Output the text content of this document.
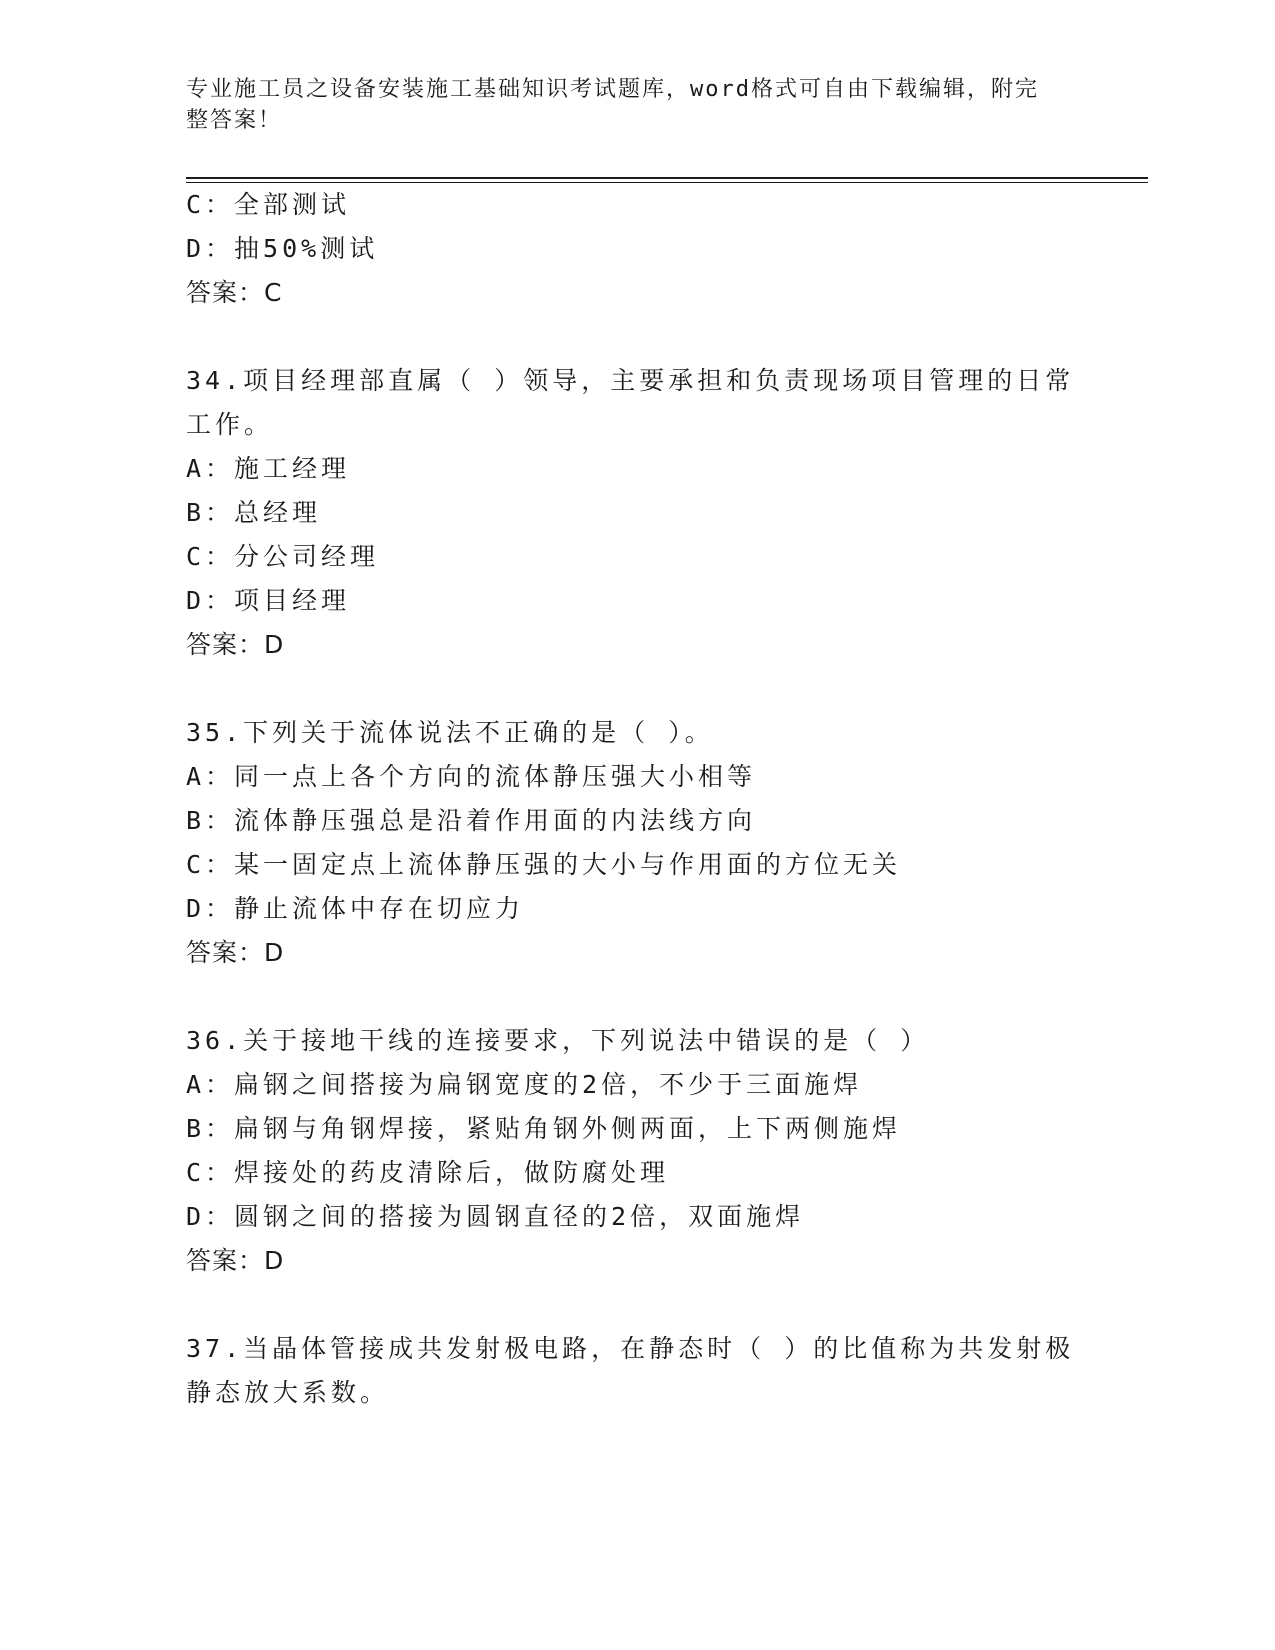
专业施工员之设备安装施工基础知识考试题库，word格式可自由下载编辑，附完
整答案！
C：全部测试
D：抽50%测试
答案：C
34.项目经理部直属（ ）领导，主要承担和负责现场项目管理的日常
工作。
A：施工经理
B：总经理
C：分公司经理
D：项目经理
答案：D
35.下列关于流体说法不正确的是（ ）。
A：同一点上各个方向的流体静压强大小相等
B：流体静压强总是沿着作用面的内法线方向
C：某一固定点上流体静压强的大小与作用面的方位无关
D：静止流体中存在切应力
答案：D
36.关于接地干线的连接要求，下列说法中错误的是（ ）
A：扁钢之间搭接为扁钢宽度的2倍，不少于三面施焊
B：扁钢与角钢焊接，紧贴角钢外侧两面，上下两侧施焊
C：焊接处的药皮清除后，做防腐处理
D：圆钢之间的搭接为圆钢直径的2倍，双面施焊
答案：D
37.当晶体管接成共发射极电路，在静态时（ ）的比值称为共发射极
静态放大系数。
